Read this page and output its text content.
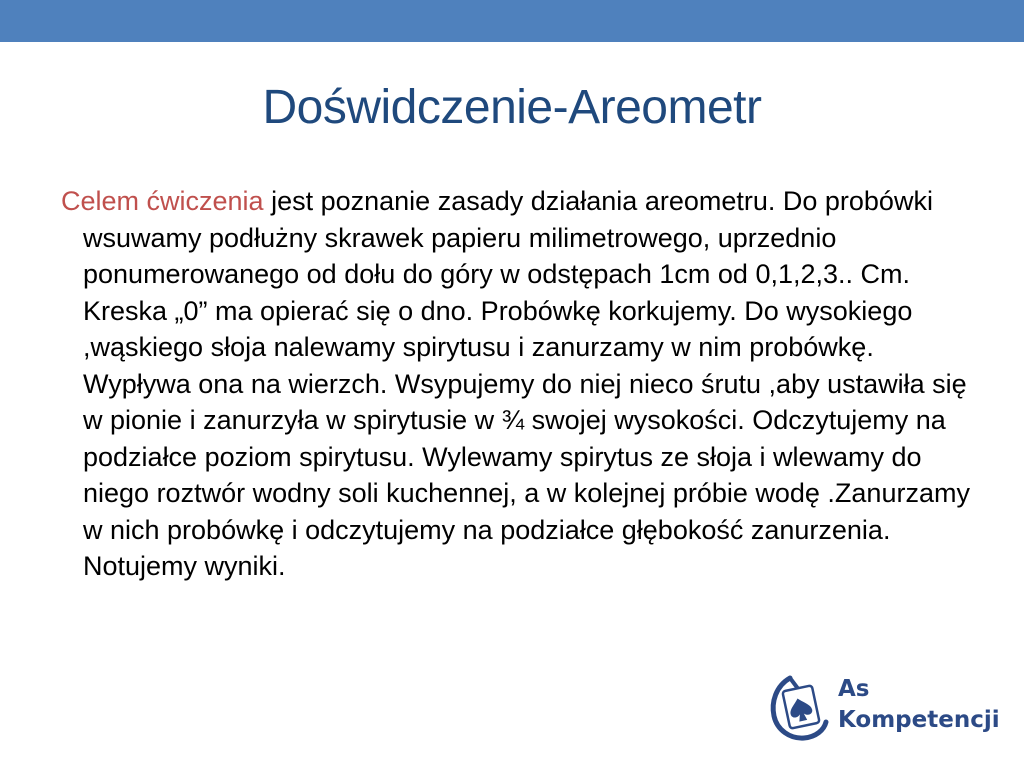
Doświdczenie-Areometr
Celem ćwiczenia jest poznanie zasady działania areometru. Do probówki wsuwamy podłużny skrawek papieru milimetrowego, uprzednio ponumerowanego od dołu do góry w odstępach 1cm od 0,1,2,3.. Cm. Kreska „0” ma opierać się o dno. Probówkę korkujemy. Do wysokiego ,wąskiego słoja nalewamy spirytusu i zanurzamy w nim probówkę. Wypływa ona na wierzch. Wsypujemy do niej nieco śrutu ,aby ustawiła się w pionie i zanurzyła w spirytusie w ¾ swojej wysokości. Odczytujemy na podziałce poziom spirytusu. Wylewamy spirytus ze słoja i wlewamy do niego roztwór wodny soli kuchennej, a w kolejnej próbie wodę .Zanurzamy w nich probówkę i odczytujemy na podziałce głębokość zanurzenia. Notujemy wyniki.
As
Kompetencji
